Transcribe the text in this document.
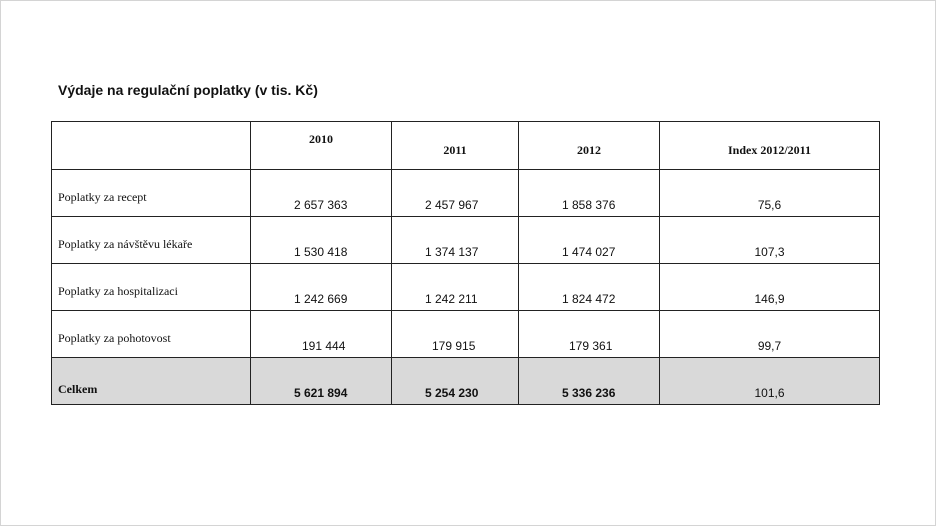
Výdaje na regulační poplatky (v tis. Kč)

	2010	2011	2012	Index 2012/2011

Poplatky za recept	2 657 363	2 457 967	1 858 376	75,6

Poplatky za návštěvu lékaře	1 530 418	1 374 137	1 474 027	107,3

Poplatky za hospitalizaci	1 242 669	1 242 211	1 824 472	146,9

Poplatky za pohotovost	191 444	179 915	179 361	99,7

Celkem	5 621 894	5 254 230	5 336 236	101,6
